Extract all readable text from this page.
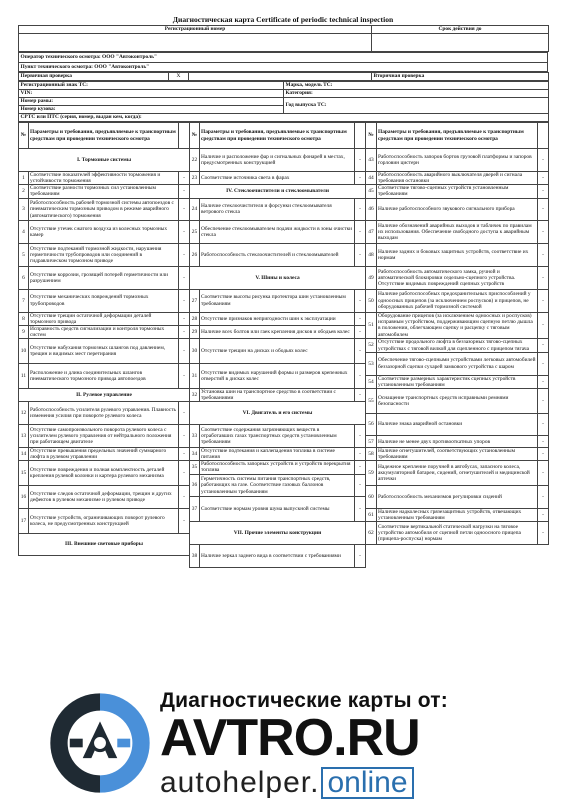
Диагностическая карта Certificate of periodic technical inspection
Регистрационный номер	Срок действия до

Оператор технического осмотра: ООО "Автоконтроль"
Пункт технического осмотра: ООО "Автоконтроль"
Первичная проверка	X		Вторичная проверка
Регистрационный знак ТС:	Марка, модель ТС:
VIN:	Категория:
Номер рамы:	Год выпуска ТС:
Номер кузова:	
СРТС или ПТС (серия, номер, выдан кем, когда):	
№	Параметры и требования, предъявляемые к транспортным средствам при проведении технического осмотра		№	Параметры и требования, предъявляемые к транспортным средствам при проведении технического осмотра		№	Параметры и требования, предъявляемые к транспортным средствам при проведении технического осмотра	
I. Тормозные системы			22	Наличие и расположение фар и сигнальных фонарей в местах, предусмотренных конструкцией	-	43	Работоспособность запоров бортов грузовой платформы и запоров горловин цистерн	-

1	Соответствие показателей эффективности торможения и устойчивости торможения	-	23	Соответствие источника света в фарах	-	44	Работоспособность аварийного выключателя дверей и сигнала требования остановки	-
2	Соответствие разности тормозных сил установленным требованиям	-	IV. Стеклоочистители и стеклоомыватели			45	Соответствие тягово-сцепных устройств установленным требованиям	-
3	Работоспособность рабочей тормозной системы автопоездов с пневматическим тормозным приводом в режиме аварийного (автоматического) торможения	-	24	Наличие стеклоочистителя и форсунки стеклоомывателя ветрового стекла	-	46	Наличие работоспособного звукового сигнального прибора	-

4	Отсутствие утечек сжатого воздуха из колесных тормозных камер	-	25	Обеспечение стеклоомывателем подачи жидкости в зоны очистки стекла	-	47	Наличие обозначений аварийных выходов и табличек по правилам их использования. Обеспечение свободного доступа к аварийным выходам	-

5	Отсутствие подтеканий тормозной жидкости, нарушения герметичности трубопроводов или соединений в гидравлическом тормозном приводе	-	26	Работоспособность стеклоочистителей и стеклоомывателей	-	48	Наличие задних и боковых защитных устройств, соответствие их нормам	-

6	Отсутствие коррозии, грозящей потерей герметичности или разрушением	-	V. Шины и колеса			49	Работоспособность автоматического замка, ручной и автоматической блокировки седельно-сцепного устройства. Отсутствие видимых повреждений сцепных устройств	-

7	Отсутствие механических повреждений тормозных трубопроводов	-	27	Соответствие высоты рисунка протектора шин установленным требованиям	-	50	Наличие работоспособных предохранительных приспособлений у одноосных прицепов (за исключением роспусков) и прицепов, не оборудованных рабочей тормозной системой	-

8	Отсутствие трещин остаточной деформации деталей тормозного привода	-	28	Отсутствие признаков непригодности шин к эксплуатации	-	51	Оборудование прицепов (за исключением одноосных и роспусков) исправным устройством, поддерживающим сцепную петлю дышла в положении, облегчающем сцепку и расцепку с тяговым автомобилем	-
9	Исправность средств сигнализации и контроля тормозных систем	-	29	Наличие всех болтов или гаек крепления дисков и ободьев колес	-			
10	Отсутствие набухания тормозных шлангов под давлением, трещин и видимых мест перетирания	-	30	Отсутствие трещин на дисках и ободьях колес	-	52	Отсутствие продольного люфта в беззазорных тягово-сцепных устройствах с тяговой вилкой для сцепленного с прицепом тягача	-
						53	Обеспечение тягово-сцепными устройствами легковых автомобилей беззазорной сцепки сухарей замкового устройства с шаром	-
11	Расположение и длина соединительных шлангов пневматического тормозного привода автопоездов	-	31	Отсутствие видимых нарушений формы и размеров крепежных отверстий в дисках колес	-			
						54	Соответствие размерных характеристик сцепных устройств установленным требованиям	-
II. Рулевое управление			32	Установка шин на транспортное средство в соответствии с требованиями	-	55	Оснащение транспортных средств исправными ремнями безопасности	-
12	Работоспособность усилителя рулевого управления. Плавность изменения усилия при повороте рулевого колеса	-	VI. Двигатель и его системы					
						56	Наличие знака аварийной остановки	-
13	Отсутствие самопроизвольного поворота рулевого колеса с усилителем рулевого управления от нейтрального положения при работающем двигателе	-	33	Соответствие содержания загрязняющих веществ в отработавших газах транспортных средств установленным требованиям	-			
						57	Наличие не менее двух противооткатных упоров	-
14	Отсутствие превышения предельных значений суммарного люфта в рулевом управлении	-	34	Отсутствие подтекания и каплепадения топлива в системе питания	-	58	Наличие огнетушителей, соответствующих установленным требованиям	-
15	Отсутствие повреждения и полная комплектность деталей крепления рулевой колонки и картера рулевого механизма	-	35	Работоспособность запорных устройств и устройств перекрытия топлива	-	59	Надежное крепление поручней в автобусах, запасного колеса, аккумуляторной батареи, сидений, огнетушителей и медицинской аптечки	-
			36	Герметичность системы питания транспортных средств, работающих на газе. Соответствие газовых баллонов установленным требованиям	-			
16	Отсутствие следов остаточной деформации, трещин и других дефектов в рулевом механизме и рулевом приводе	-				60	Работоспособность механизмов регулировки сидений	-
			37	Соответствие нормам уровня шума выпускной системы	-			
17	Отсутствие устройств, ограничивающих поворот рулевого колеса, не предусмотренных конструкцией	-				61	Наличие надколесных грязезащитных устройств, отвечающих установленным требованиям	-
			VII. Прочие элементы конструкции			62	Соответствие вертикальной статической нагрузки на тяговое устройство автомобиля от сцепной петли одноосного прицепа (прицепа-роспуска) нормам	-
III. Внешние световые приборы								
			38	Наличие зеркал заднего вида в соответствии с требованиями	-			

Диагностические карты от:
AVTRO.RU
autohelper. online
